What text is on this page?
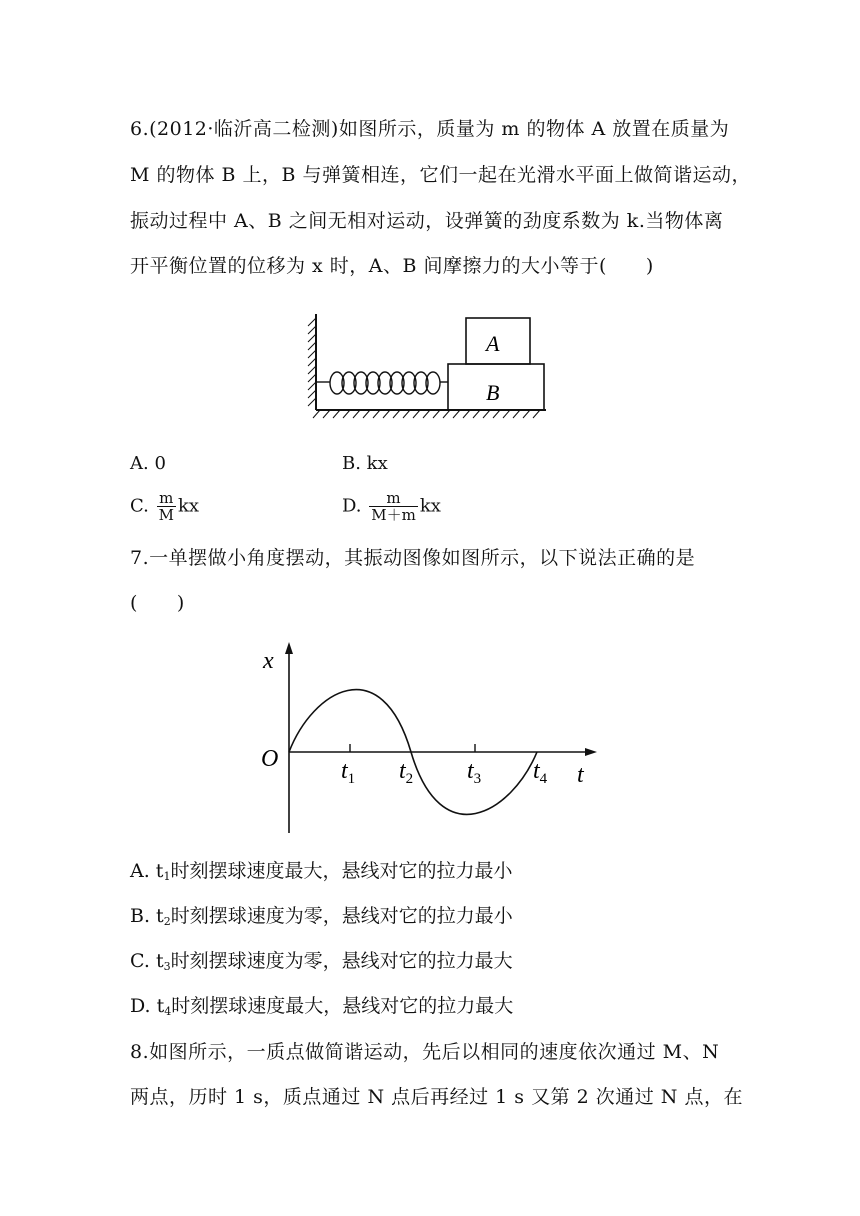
6.(2012·临沂高二检测)如图所示，质量为 m 的物体 A 放置在质量为
M 的物体 B 上，B 与弹簧相连，它们一起在光滑水平面上做简谐运动，
振动过程中 A、B 之间无相对运动，设弹簧的劲度系数为 k.当物体离
开平衡位置的位移为 x 时，A、B 间摩擦力的大小等于(　　)
A
B
A. 0	B. kx
C. $\frac{m}{M}$ kx	D. $\frac{m}{M+m}$ kx
7.一单摆做小角度摆动，其振动图像如图所示，以下说法正确的是
(　　)
x
O
t
$t_1$ $t_2$ $t_3$ $t_4$
A. $t_1$时刻摆球速度最大，悬线对它的拉力最小
B. $t_2$时刻摆球速度为零，悬线对它的拉力最小
C. $t_3$时刻摆球速度为零，悬线对它的拉力最大
D. $t_4$时刻摆球速度最大，悬线对它的拉力最大
8.如图所示，一质点做简谐运动，先后以相同的速度依次通过 M、N
两点，历时 1 s，质点通过 N 点后再经过 1 s 又第 2 次通过 N 点，在
